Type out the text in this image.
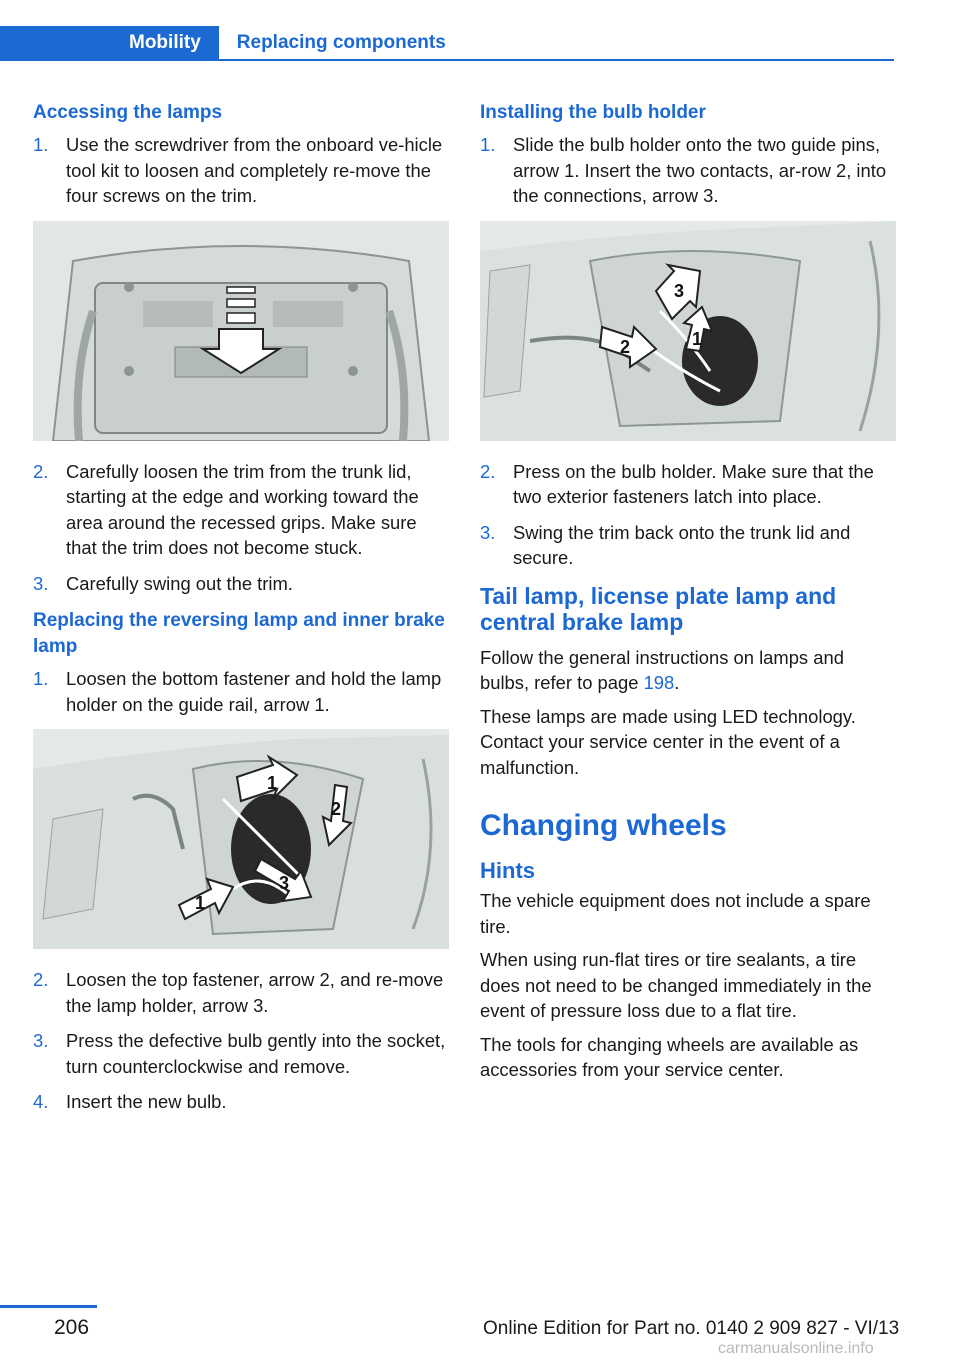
Mobility	Replacing components
Accessing the lamps
1. Use the screwdriver from the onboard ve‐hicle tool kit to loosen and completely re‐move the four screws on the trim.
2. Carefully loosen the trim from the trunk lid, starting at the edge and working toward the area around the recessed grips. Make sure that the trim does not become stuck.
3. Carefully swing out the trim.
Replacing the reversing lamp and inner brake lamp
1. Loosen the bottom fastener and hold the lamp holder on the guide rail, arrow 1.
1
2
3
1
2. Loosen the top fastener, arrow 2, and re‐move the lamp holder, arrow 3.
3. Press the defective bulb gently into the socket, turn counterclockwise and remove.
4. Insert the new bulb.
Installing the bulb holder
1. Slide the bulb holder onto the two guide pins, arrow 1. Insert the two contacts, ar‐row 2, into the connections, arrow 3.
3
2	1
2. Press on the bulb holder. Make sure that the two exterior fasteners latch into place.
3. Swing the trim back onto the trunk lid and secure.
Tail lamp, license plate lamp and central brake lamp

Follow the general instructions on lamps and bulbs, refer to page 198.

These lamps are made using LED technology. Contact your service center in the event of a malfunction.

Changing wheels
Hints

The vehicle equipment does not include a spare tire.

When using run-flat tires or tire sealants, a tire does not need to be changed immediately in the event of pressure loss due to a flat tire.

The tools for changing wheels are available as accessories from your service center.

206	Online Edition for Part no. 0140 2 909 827 - VI/13
carmanualsonline.info
